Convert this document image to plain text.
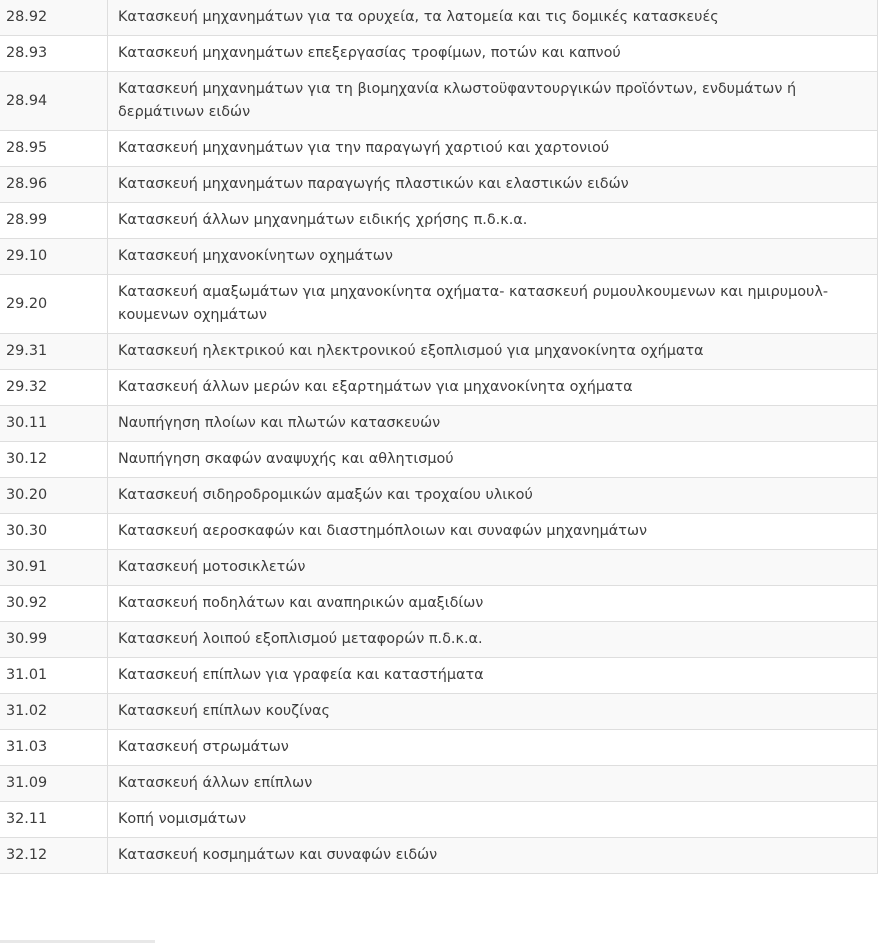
28.92	Κατασκευή μηχανημάτων για τα ορυχεία, τα λατομεία και τις δομικές κατασκευές
28.93	Κατασκευή μηχανημάτων επεξεργασίας τροφίμων, ποτών και καπνού
28.94	Κατασκευή μηχανημάτων για τη βιομηχανία κλωστοϋφαντουργικών προϊόντων, ενδυμάτων ή δερμάτινων ειδών
28.95	Κατασκευή μηχανημάτων για την παραγωγή χαρτιού και χαρτονιού
28.96	Κατασκευή μηχανημάτων παραγωγής πλαστικών και ελαστικών ειδών
28.99	Κατασκευή άλλων μηχανημάτων ειδικής χρήσης π.δ.κ.α.
29.10	Κατασκευή μηχανοκίνητων οχημάτων
29.20	Κατασκευή αμαξωμάτων για μηχανοκίνητα οχήματα- κατασκευή ρυμουλκουμενων και ημιρυμουλ-κουμενων οχημάτων
29.31	Κατασκευή ηλεκτρικού και ηλεκτρονικού εξοπλισμού για μηχανοκίνητα οχήματα
29.32	Κατασκευή άλλων μερών και εξαρτημάτων για μηχανοκίνητα οχήματα
30.11	Ναυπήγηση πλοίων και πλωτών κατασκευών
30.12	Ναυπήγηση σκαφών αναψυχής και αθλητισμού
30.20	Κατασκευή σιδηροδρομικών αμαξών και τροχαίου υλικού
30.30	Κατασκευή αεροσκαφών και διαστημόπλοιων και συναφών μηχανημάτων
30.91	Κατασκευή μοτοσικλετών
30.92	Κατασκευή ποδηλάτων και αναπηρικών αμαξιδίων
30.99	Κατασκευή λοιπού εξοπλισμού μεταφορών π.δ.κ.α.
31.01	Κατασκευή επίπλων για γραφεία και καταστήματα
31.02	Κατασκευή επίπλων κουζίνας
31.03	Κατασκευή στρωμάτων
31.09	Κατασκευή άλλων επίπλων
32.11	Κοπή νομισμάτων
32.12	Κατασκευή κοσμημάτων και συναφών ειδών
